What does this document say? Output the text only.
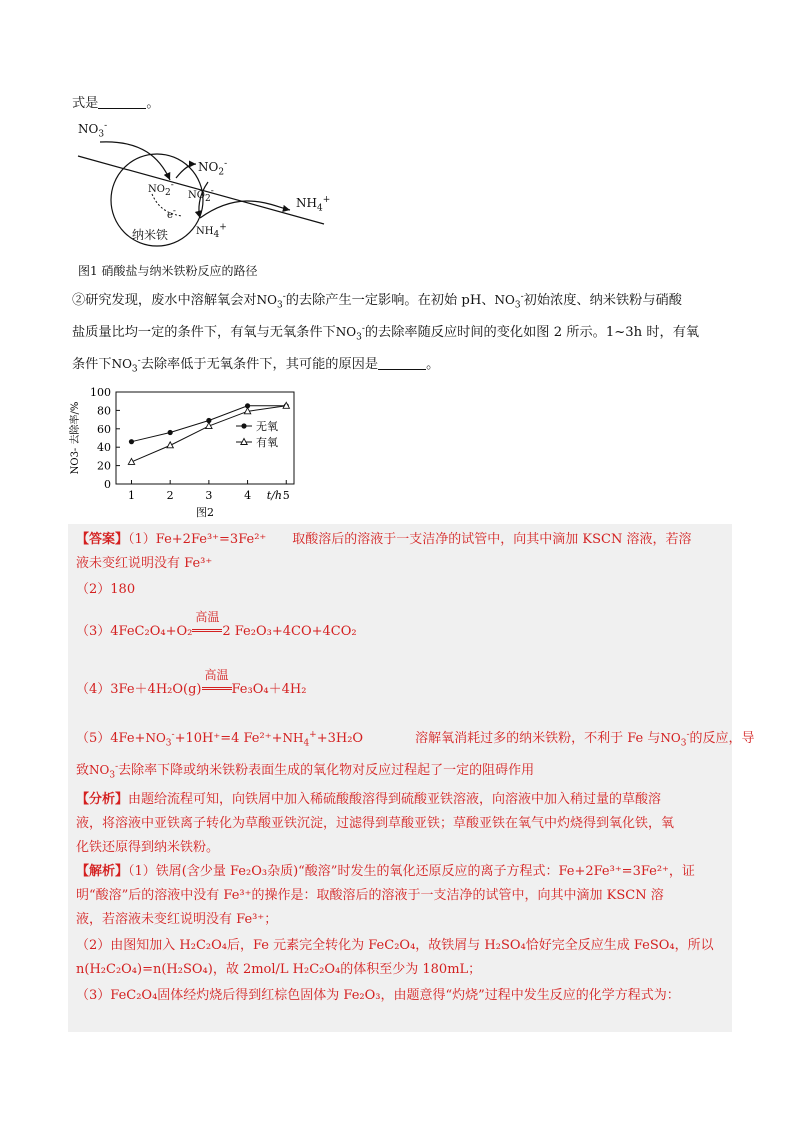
式是	。
$NO_3^-$
$NO_2^-$
$NO_2^-$
$NO_2^-$
e-
$NH_4^+$
$NH_4^+$
纳米铁
图1 硝酸盐与纳米铁粉反应的路径
②研究发现，废水中溶解氧会对$NO_3^-$的去除产生一定影响。在初始 pH、$NO_3^-$初始浓度、纳米铁粉与硝酸
盐质量比均一定的条件下，有氧与无氧条件下$NO_3^-$的去除率随反应时间的变化如图 2 所示。1~3h 时，有氧
条件下$NO_3^-$去除率低于无氧条件下，其可能的原因是	。
0
20
40
60
80
100
1	2	3	4	5
t/h
NO3- 去除率/%
图2
无氧
有氧
【答案】（1）Fe+2Fe³⁺=3Fe²⁺ 取酸溶后的溶液于一支洁净的试管中，向其中滴加 KSCN 溶液，若溶
液未变红说明没有 Fe³⁺
（2）180
（3）4FeC₂O₄+O₂
高温
2 Fe₂O₃+4CO+4CO₂
（4）3Fe＋4H₂O(g)
高温
Fe₃O₄＋4H₂
$(5)4Fe+NO_3^-+10H^+=4$ $Fe^{2+}+NH_4^++3H_2O$	溶解氧消耗过多的纳米铁粉，不利于 Fe 与$NO_3^-$的反应，导
致$NO_3^-$去除率下降或纳米铁粉表面生成的氧化物对反应过程起了一定的阻碍作用
【分析】由题给流程可知，向铁屑中加入稀硫酸酸溶得到硫酸亚铁溶液，向溶液中加入稍过量的草酸溶
液，将溶液中亚铁离子转化为草酸亚铁沉淀，过滤得到草酸亚铁；草酸亚铁在氧气中灼烧得到氧化铁，氧
化铁还原得到纳米铁粉。
【解析】（1）铁屑(含少量 Fe₂O₃杂质)“酸溶”时发生的氧化还原反应的离子方程式：Fe+2Fe³⁺=3Fe²⁺，证
明“酸溶”后的溶液中没有 Fe³⁺的操作是：取酸溶后的溶液于一支洁净的试管中，向其中滴加 KSCN 溶
液，若溶液未变红说明没有 Fe³⁺；
（2）由图知加入 H₂C₂O₄后，Fe 元素完全转化为 FeC₂O₄，故铁屑与 H₂SO₄恰好完全反应生成 FeSO₄，所以
n(H₂C₂O₄)=n(H₂SO₄)，故 2mol/L H₂C₂O₄的体积至少为 180mL；
（3）FeC₂O₄固体经灼烧后得到红棕色固体为 Fe₂O₃，由题意得“灼烧”过程中发生反应的化学方程式为：
